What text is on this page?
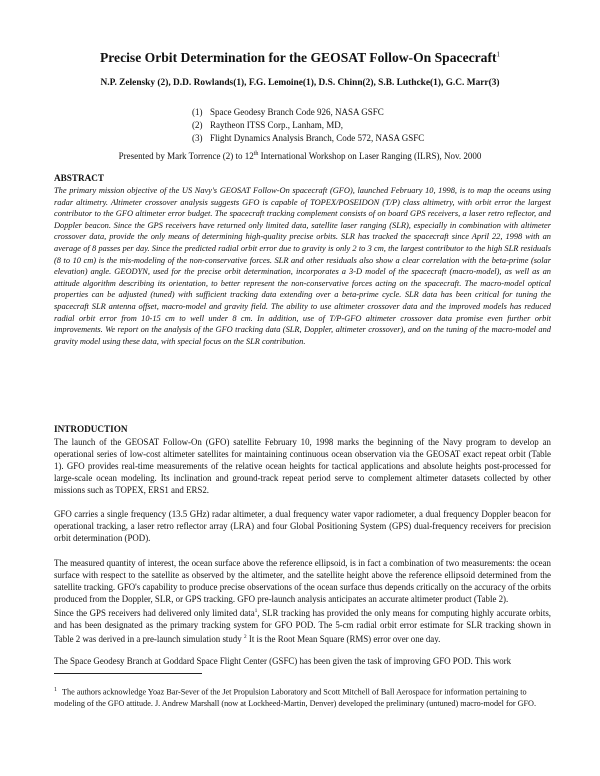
Precise Orbit Determination for the GEOSAT Follow-On Spacecraft$^1$
N.P. Zelensky (2), D.D. Rowlands(1), F.G. Lemoine(1), D.S. Chinn(2), S.B. Luthcke(1), G.C. Marr(3)
(1) Space Geodesy Branch Code 926, NASA GSFC
(2) Raytheon ITSS Corp., Lanham, MD,
(3) Flight Dynamics Analysis Branch, Code 572, NASA GSFC
Presented by Mark Torrence (2) to 12th International Workshop on Laser Ranging (ILRS), Nov. 2000
ABSTRACT
The primary mission objective of the US Navy's GEOSAT Follow-On spacecraft (GFO), launched February 10, 1998, is to map the oceans using radar altimetry. Altimeter crossover analysis suggests GFO is capable of TOPEX/POSEIDON (T/P) class altimetry, with orbit error the largest contributor to the GFO altimeter error budget. The spacecraft tracking complement consists of on board GPS receivers, a laser retro reflector, and Doppler beacon. Since the GPS receivers have returned only limited data, satellite laser ranging (SLR), especially in combination with altimeter crossover data, provide the only means of determining high-quality precise orbits. SLR has tracked the spacecraft since April 22, 1998 with an average of 8 passes per day. Since the predicted radial orbit error due to gravity is only 2 to 3 cm, the largest contributor to the high SLR residuals (8 to 10 cm) is the mis-modeling of the non-conservative forces. SLR and other residuals also show a clear correlation with the beta-prime (solar elevation) angle. GEODYN, used for the precise orbit determination, incorporates a 3-D model of the spacecraft (macro-model), as well as an attitude algorithm describing its orientation, to better represent the non-conservative forces acting on the spacecraft. The macro-model optical properties can be adjusted (tuned) with sufficient tracking data extending over a beta-prime cycle. SLR data has been critical for tuning the spacecraft SLR antenna offset, macro-model and gravity field. The ability to use altimeter crossover data and the improved models has reduced radial orbit error from 10-15 cm to well under 8 cm. In addition, use of T/P-GFO altimeter crossover data promise even further orbit improvements. We report on the analysis of the GFO tracking data (SLR, Doppler, altimeter crossover), and on the tuning of the macro-model and gravity model using these data, with special focus on the SLR contribution.
INTRODUCTION
The launch of the GEOSAT Follow-On (GFO) satellite February 10, 1998 marks the beginning of the Navy program to develop an operational series of low-cost altimeter satellites for maintaining continuous ocean observation via the GEOSAT exact repeat orbit (Table 1). GFO provides real-time measurements of the relative ocean heights for tactical applications and absolute heights post-processed for large-scale ocean modeling. Its inclination and ground-track repeat period serve to complement altimeter datasets collected by other missions such as TOPEX, ERS1 and ERS2.
GFO carries a single frequency (13.5 GHz) radar altimeter, a dual frequency water vapor radiometer, a dual frequency Doppler beacon for operational tracking, a laser retro reflector array (LRA) and four Global Positioning System (GPS) dual-frequency receivers for precision orbit determination (POD).
The measured quantity of interest, the ocean surface above the reference ellipsoid, is in fact a combination of two measurements: the ocean surface with respect to the satellite as observed by the altimeter, and the satellite height above the reference ellipsoid determined from the satellite tracking. GFO's capability to produce precise observations of the ocean surface thus depends critically on the accuracy of the orbits produced from the Doppler, SLR, or GPS tracking. GFO pre-launch analysis anticipates an accurate altimeter product (Table 2).
Since the GPS receivers had delivered only limited data$^1$, SLR tracking has provided the only means for computing highly accurate orbits, and has been designated as the primary tracking system for GFO POD. The 5-cm radial orbit error estimate for SLR tracking shown in Table 2 was derived in a pre-launch simulation study $^2$ It is the Root Mean Square (RMS) error over one day.
The Space Geodesy Branch at Goddard Space Flight Center (GSFC) has been given the task of improving GFO POD. This work
$^1$ The authors acknowledge Yoaz Bar-Sever of the Jet Propulsion Laboratory and Scott Mitchell of Ball Aerospace for information pertaining to modeling of the GFO attitude. J. Andrew Marshall (now at Lockheed-Martin, Denver) developed the preliminary (untuned) macro-model for GFO.
